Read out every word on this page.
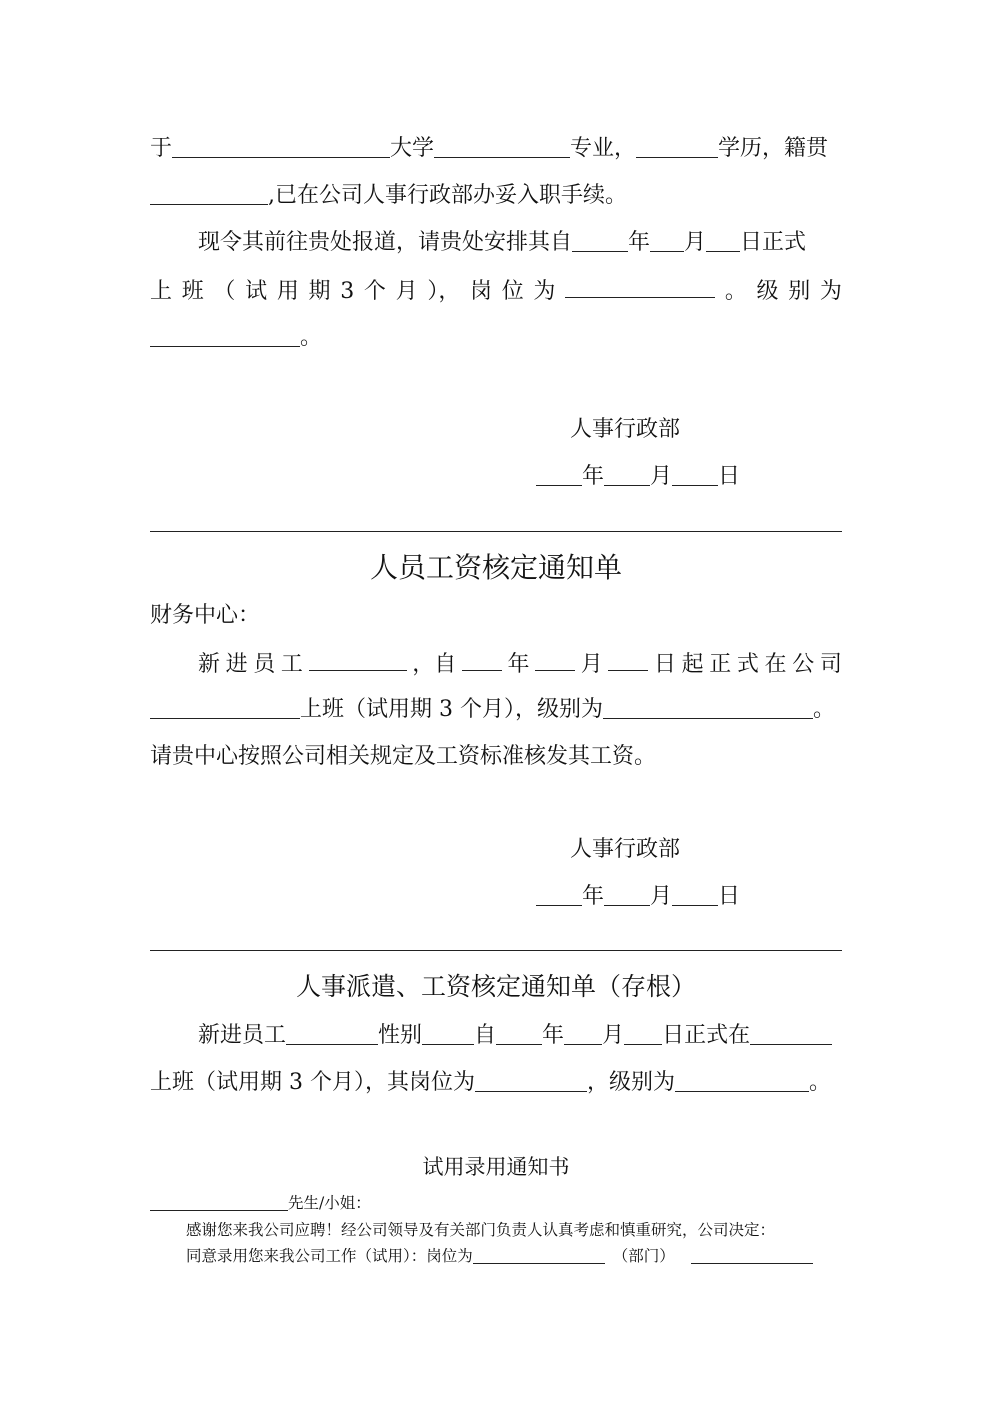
于	大学	专业，	学历，籍贯
,已在公司人事行政部办妥入职手续。
现令其前往贵处报道，请贵处安排其自	年 月 日正式
上 班 （ 试 用 期 3 个 月 ）， 岗 位 为	。 级 别 为
。
人事行政部
年 月 日
人员工资核定通知单
财务中心：
新 进 员 工	，自 年 月 日 起 正 式 在 公 司
上班（试用期 3 个月），级别为	。
请贵中心按照公司相关规定及工资标准核发其工资。
人事行政部
年 月 日
人事派遣、工资核定通知单（存根）
新进员工	性别 自 年 月 日正式在
上班（试用期 3 个月），其岗位为	，级别为	。
试用录用通知书
先生/小姐：
感谢您来我公司应聘！经公司领导及有关部门负责人认真考虑和慎重研究，公司决定：
同意录用您来我公司工作（试用）：岗位为	（部门）
